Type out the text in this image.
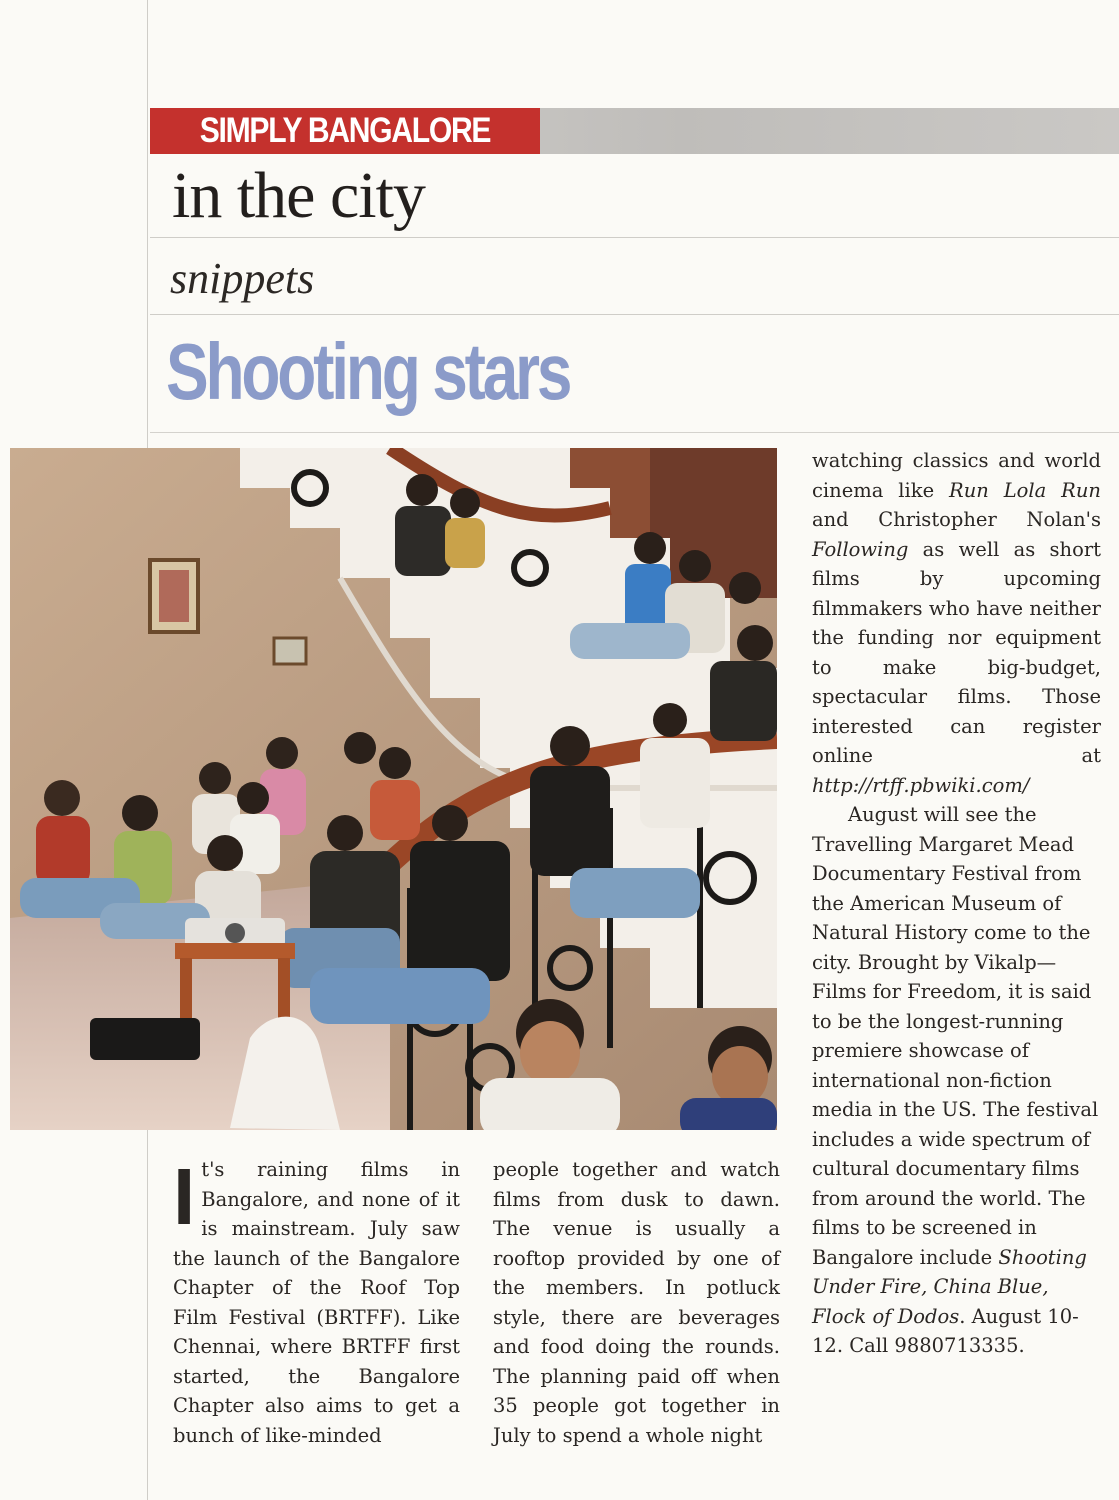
SIMPLY BANGALORE
in the city
snippets
Shooting stars
I t's raining films in Bangalore, and none of it is mainstream. July saw the launch of the Bangalore Chapter of the Roof Top Film Festival (BRTFF). Like Chennai, where BRTFF first started, the Bangalore Chapter also aims to get a bunch of like-minded
people together and watch films from dusk to dawn. The venue is usually a rooftop provided by one of the members. In potluck style, there are beverages and food doing the rounds. The planning paid off when 35 people got together in July to spend a whole night

watching classics and world cinema like Run Lola Run and Christopher Nolan's Following as well as short films by upcoming filmmakers who have neither the funding nor equipment to make big-budget, spectacular films. Those interested can register online at http://rtff.pbwiki.com/

August will see the Travelling Margaret Mead Documentary Festival from the American Museum of Natural History come to the city. Brought by Vikalp—Films for Freedom, it is said to be the longest-running premiere showcase of international non-fiction media in the US. The festival includes a wide spectrum of cultural documentary films from around the world. The films to be screened in Bangalore include Shooting Under Fire, China Blue, Flock of Dodos. August 10-12. Call 9880713335.
